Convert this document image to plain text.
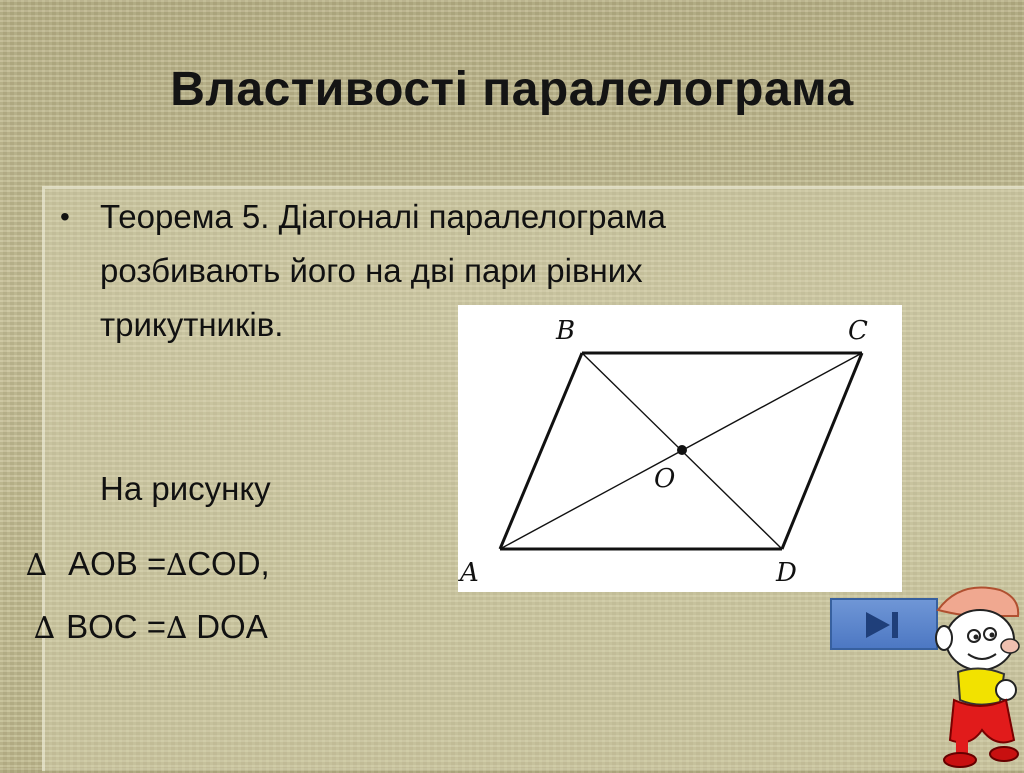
Властивості паралелограма
• Теорема 5. Діагоналі паралелограма
розбивають його на дві пари рівних
трикутників.
На рисунку
∆ AOB =∆COD,
∆ BOC =∆ DOA
B	C
A	D
O
